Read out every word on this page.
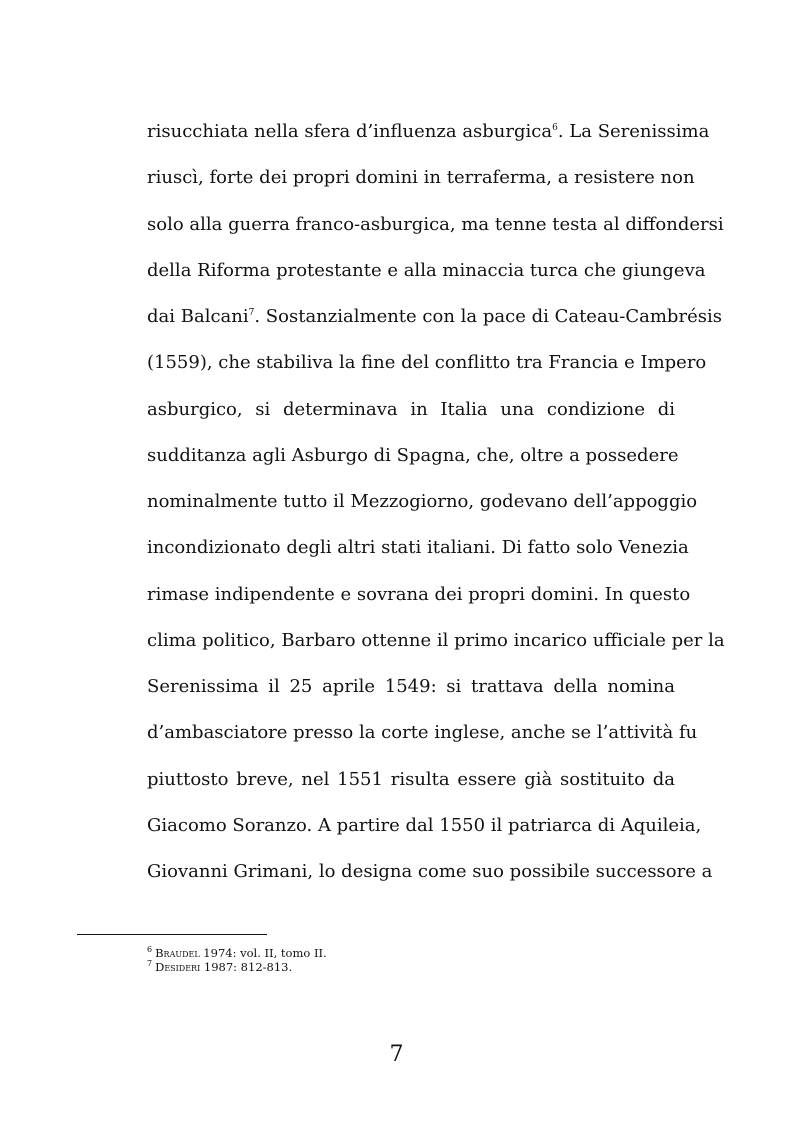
risucchiata nella sfera d’influenza asburgica$^6$. La Serenissima
riuscì, forte dei propri domini in terraferma, a resistere non
solo alla guerra franco-asburgica, ma tenne testa al diffondersi
della Riforma protestante e alla minaccia turca che giungeva
dai Balcani$^7$. Sostanzialmente con la pace di Cateau-Cambrésis
(1559), che stabiliva la fine del conflitto tra Francia e Impero
asburgico, si determinava in Italia una condizione di
sudditanza agli Asburgo di Spagna, che, oltre a possedere
nominalmente tutto il Mezzogiorno, godevano dell’appoggio
incondizionato degli altri stati italiani. Di fatto solo Venezia
rimase indipendente e sovrana dei propri domini. In questo
clima politico, Barbaro ottenne il primo incarico ufficiale per la
Serenissima il 25 aprile 1549: si trattava della nomina
d’ambasciatore presso la corte inglese, anche se l’attività fu
piuttosto breve, nel 1551 risulta essere già sostituito da
Giacomo Soranzo. A partire dal 1550 il patriarca di Aquileia,
Giovanni Grimani, lo designa come suo possibile successore a
$^6$ Braudel 1974: vol. II, tomo II.
$^7$ Desideri 1987: 812-813.
7
